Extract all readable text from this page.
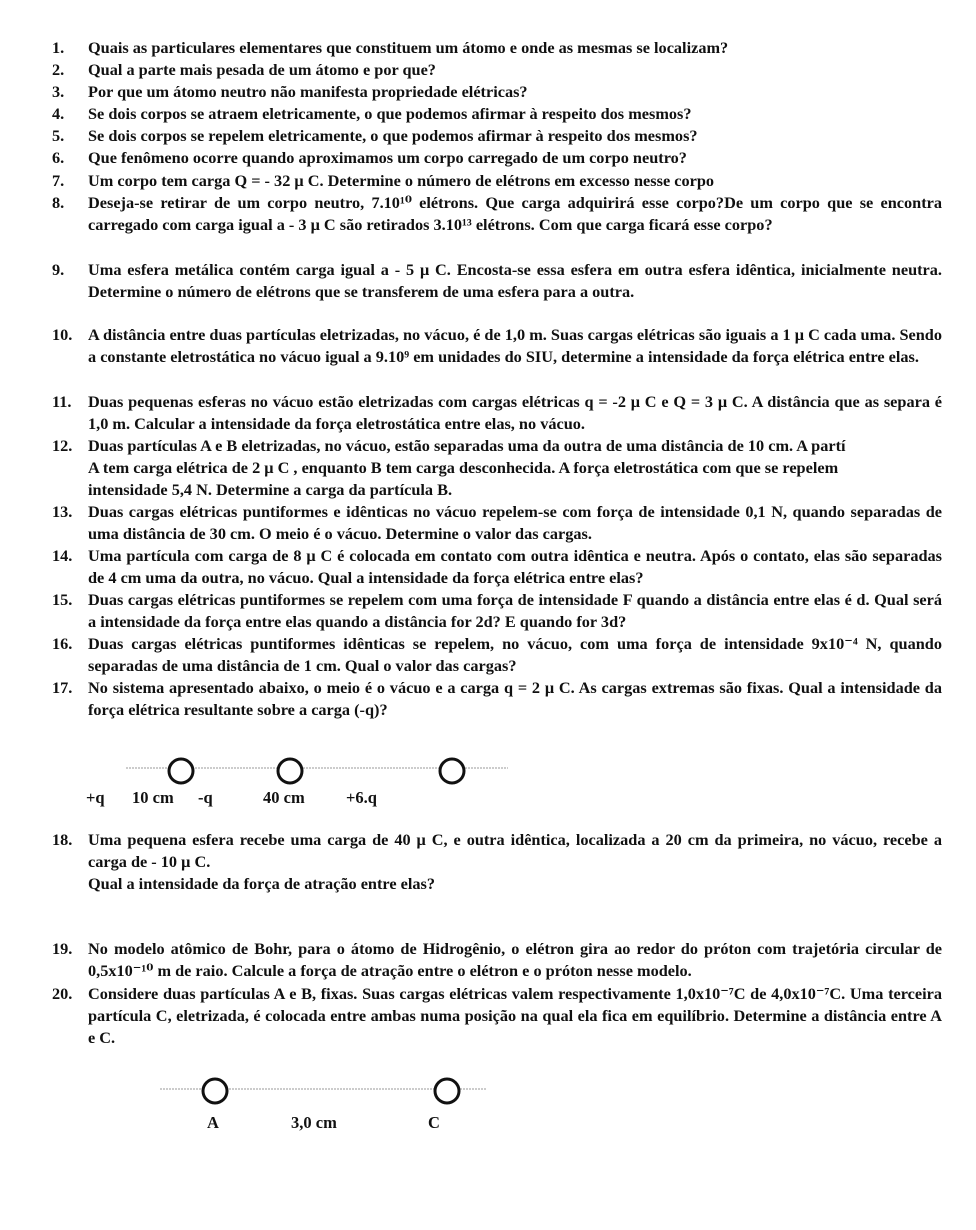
1. Quais as particulares elementares que constituem um átomo e onde as mesmas se localizam?
2. Qual a parte mais pesada de um átomo e por que?
3. Por que um átomo neutro não manifesta propriedade elétricas?
4. Se dois corpos se atraem eletricamente, o que podemos afirmar à respeito dos mesmos?
5. Se dois corpos se repelem eletricamente, o que podemos afirmar à respeito dos mesmos?
6. Que fenômeno ocorre quando aproximamos um corpo carregado de um corpo neutro?
7. Um corpo tem carga Q = - 32 μ C. Determine o número de elétrons em excesso nesse corpo
8. Deseja-se retirar de um corpo neutro, 7.10¹⁰ elétrons. Que carga adquirirá esse corpo?De um corpo que se encontra carregado com carga igual a - 3 μ C são retirados 3.10¹³ elétrons. Com que carga ficará esse corpo?
9. Uma esfera metálica contém carga igual a - 5 μ C. Encosta-se essa esfera em outra esfera idêntica, inicialmente neutra. Determine o número de elétrons que se transferem de uma esfera para a outra.
10. A distância entre duas partículas eletrizadas, no vácuo, é de 1,0 m. Suas cargas elétricas são iguais a 1 μ C cada uma. Sendo a constante eletrostática no vácuo igual a 9.10⁹ em unidades do SIU, determine a intensidade da força elétrica entre elas.
11. Duas pequenas esferas no vácuo estão eletrizadas com cargas elétricas q = -2 μ C e Q = 3 μ C. A distância que as separa é 1,0 m. Calcular a intensidade da força eletrostática entre elas, no vácuo.
12. Duas partículas A e B eletrizadas, no vácuo, estão separadas uma da outra de uma distância de 10 cm. A partí
A tem carga elétrica de 2 μ C , enquanto B tem carga desconhecida. A força eletrostática com que se repelem
intensidade 5,4 N. Determine a carga da partícula B.
13. Duas cargas elétricas puntiformes e idênticas no vácuo repelem-se com força de intensidade 0,1 N, quando separadas de uma distância de 30 cm. O meio é o vácuo. Determine o valor das cargas.
14. Uma partícula com carga de 8 μ C é colocada em contato com outra idêntica e neutra. Após o contato, elas são separadas de 4 cm uma da outra, no vácuo. Qual a intensidade da força elétrica entre elas?
15. Duas cargas elétricas puntiformes se repelem com uma força de intensidade F quando a distância entre elas é d. Qual será a intensidade da força entre elas quando a distância for 2d? E quando for 3d?
16. Duas cargas elétricas puntiformes idênticas se repelem, no vácuo, com uma força de intensidade 9x10⁻⁴ N, quando separadas de uma distância de 1 cm. Qual o valor das cargas?
17. No sistema apresentado abaixo, o meio é o vácuo e a carga q = 2 μ C. As cargas extremas são fixas. Qual a intensidade da força elétrica resultante sobre a carga (-q)?
18. Uma pequena esfera recebe uma carga de 40 μ C, e outra idêntica, localizada a 20 cm da primeira, no vácuo, recebe a carga de - 10 μ C.
Qual a intensidade da força de atração entre elas?
19. No modelo atômico de Bohr, para o átomo de Hidrogênio, o elétron gira ao redor do próton com trajetória circular de 0,5x10⁻¹⁰ m de raio. Calcule a força de atração entre o elétron e o próton nesse modelo.
20. Considere duas partículas A e B, fixas. Suas cargas elétricas valem respectivamente 1,0x10⁻⁷C de 4,0x10⁻⁷C. Uma terceira partícula C, eletrizada, é colocada entre ambas numa posição na qual ela fica em equilíbrio. Determine a distância entre A e C.
+q 10 cm -q	40 cm	+6.q
A	3,0 cm	C
